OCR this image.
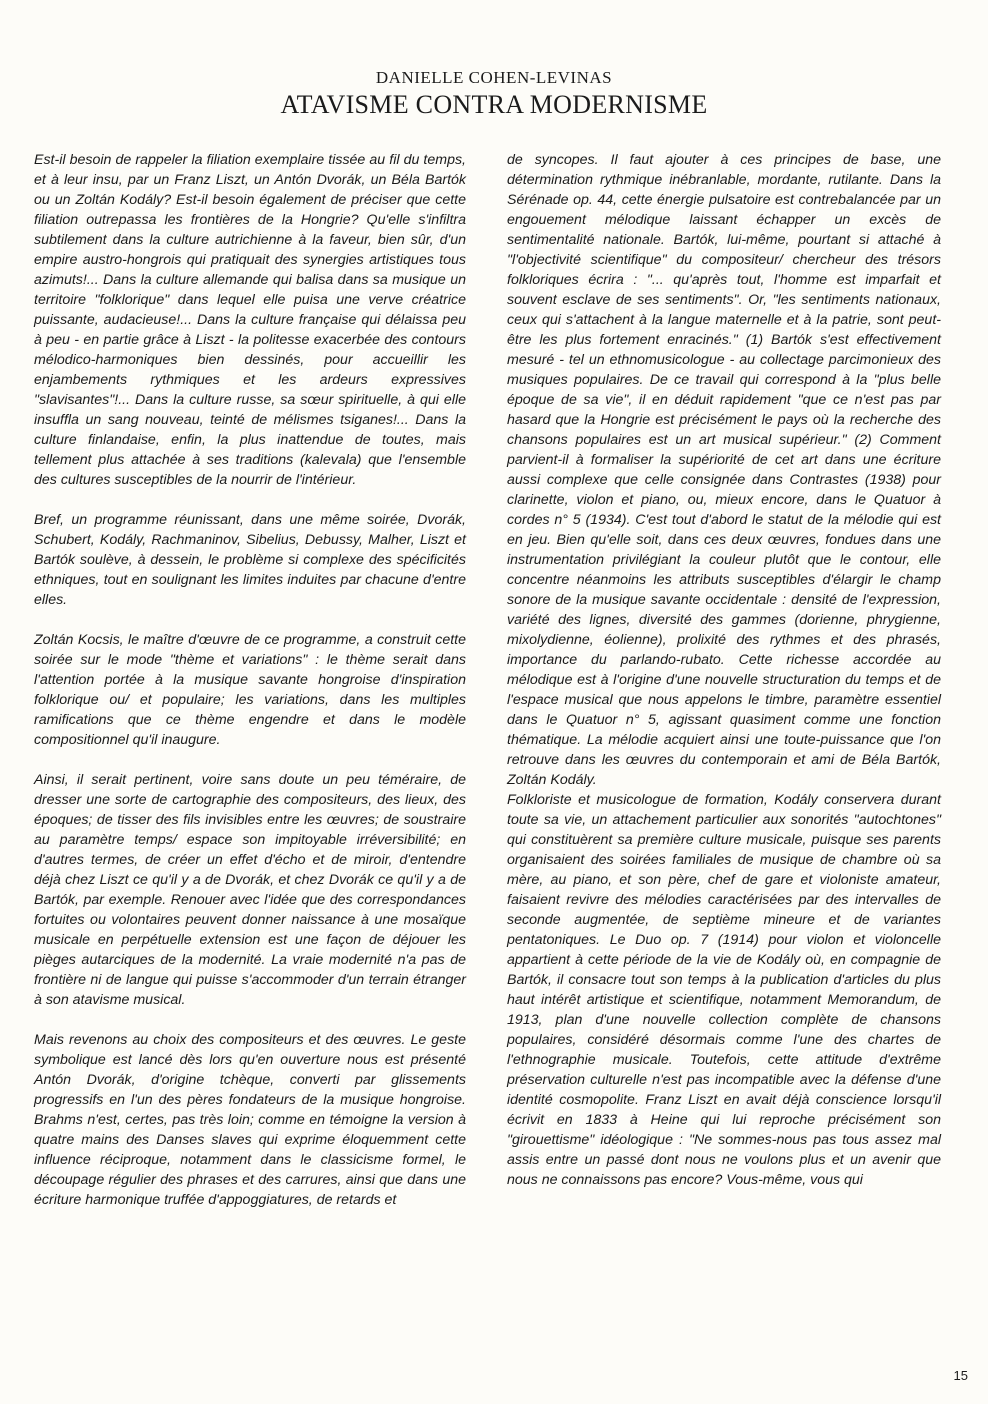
DANIELLE COHEN-LEVINAS
ATAVISME CONTRA MODERNISME

Est-il besoin de rappeler la filiation exemplaire tissée au fil du temps, et à leur insu, par un Franz Liszt, un Antón Dvorák, un Béla Bartók ou un Zoltán Kodály? Est-il besoin également de préciser que cette filiation outrepassa les frontières de la Hongrie? Qu'elle s'infiltra subtilement dans la culture autrichienne à la faveur, bien sûr, d'un empire austro-hongrois qui pratiquait des synergies artistiques tous azimuts!... Dans la culture allemande qui balisa dans sa musique un territoire "folklorique" dans lequel elle puisa une verve créatrice puissante, audacieuse!... Dans la culture française qui délaissa peu à peu - en partie grâce à Liszt - la politesse exacerbée des contours mélodico-harmoniques bien dessinés, pour accueillir les enjambements rythmiques et les ardeurs expressives "slavisantes"!... Dans la culture russe, sa sœur spirituelle, à qui elle insuffla un sang nouveau, teinté de mélismes tsiganes!... Dans la culture finlandaise, enfin, la plus inattendue de toutes, mais tellement plus attachée à ses traditions (kalevala) que l'ensemble des cultures susceptibles de la nourrir de l'intérieur.

Bref, un programme réunissant, dans une même soirée, Dvorák, Schubert, Kodály, Rachmaninov, Sibelius, Debussy, Malher, Liszt et Bartók soulève, à dessein, le problème si complexe des spécificités ethniques, tout en soulignant les limites induites par chacune d'entre elles.

Zoltán Kocsis, le maître d'œuvre de ce programme, a construit cette soirée sur le mode "thème et variations" : le thème serait dans l'attention portée à la musique savante hongroise d'inspiration folklorique ou/ et populaire; les variations, dans les multiples ramifications que ce thème engendre et dans le modèle compositionnel qu'il inaugure.

Ainsi, il serait pertinent, voire sans doute un peu téméraire, de dresser une sorte de cartographie des compositeurs, des lieux, des époques; de tisser des fils invisibles entre les œuvres; de soustraire au paramètre temps/ espace son impitoyable irréversibilité; en d'autres termes, de créer un effet d'écho et de miroir, d'entendre déjà chez Liszt ce qu'il y a de Dvorák, et chez Dvorák ce qu'il y a de Bartók, par exemple. Renouer avec l'idée que des correspondances fortuites ou volontaires peuvent donner naissance à une mosaïque musicale en perpétuelle extension est une façon de déjouer les pièges autarciques de la modernité. La vraie modernité n'a pas de frontière ni de langue qui puisse s'accommoder d'un terrain étranger à son atavisme musical.

Mais revenons au choix des compositeurs et des œuvres. Le geste symbolique est lancé dès lors qu'en ouverture nous est présenté Antón Dvorák, d'origine tchèque, converti par glissements progressifs en l'un des pères fondateurs de la musique hongroise. Brahms n'est, certes, pas très loin; comme en témoigne la version à quatre mains des Danses slaves qui exprime éloquemment cette influence réciproque, notamment dans le classicisme formel, le découpage régulier des phrases et des carrures, ainsi que dans une écriture harmonique truffée d'appoggiatures, de retards et

de syncopes. Il faut ajouter à ces principes de base, une détermination rythmique inébranlable, mordante, rutilante. Dans la Sérénade op. 44, cette énergie pulsatoire est contrebalancée par un engouement mélodique laissant échapper un excès de sentimentalité nationale. Bartók, lui-même, pourtant si attaché à "l'objectivité scientifique" du compositeur/ chercheur des trésors folkloriques écrira : "... qu'après tout, l'homme est imparfait et souvent esclave de ses sentiments". Or, "les sentiments nationaux, ceux qui s'attachent à la langue maternelle et à la patrie, sont peut-être les plus fortement enracinés." (1) Bartók s'est effectivement mesuré - tel un ethnomusicologue - au collectage parcimonieux des musiques populaires. De ce travail qui correspond à la "plus belle époque de sa vie", il en déduit rapidement "que ce n'est pas par hasard que la Hongrie est précisément le pays où la recherche des chansons populaires est un art musical supérieur." (2) Comment parvient-il à formaliser la supériorité de cet art dans une écriture aussi complexe que celle consignée dans Contrastes (1938) pour clarinette, violon et piano, ou, mieux encore, dans le Quatuor à cordes n° 5 (1934). C'est tout d'abord le statut de la mélodie qui est en jeu. Bien qu'elle soit, dans ces deux œuvres, fondues dans une instrumentation privilégiant la couleur plutôt que le contour, elle concentre néanmoins les attributs susceptibles d'élargir le champ sonore de la musique savante occidentale : densité de l'expression, variété des lignes, diversité des gammes (dorienne, phrygienne, mixolydienne, éolienne), prolixité des rythmes et des phrasés, importance du parlando-rubato. Cette richesse accordée au mélodique est à l'origine d'une nouvelle structuration du temps et de l'espace musical que nous appelons le timbre, paramètre essentiel dans le Quatuor n° 5, agissant quasiment comme une fonction thématique. La mélodie acquiert ainsi une toute-puissance que l'on retrouve dans les œuvres du contemporain et ami de Béla Bartók, Zoltán Kodály.

Folkloriste et musicologue de formation, Kodály conservera durant toute sa vie, un attachement particulier aux sonorités "autochtones" qui constituèrent sa première culture musicale, puisque ses parents organisaient des soirées familiales de musique de chambre où sa mère, au piano, et son père, chef de gare et violoniste amateur, faisaient revivre des mélodies caractérisées par des intervalles de seconde augmentée, de septième mineure et de variantes pentatoniques. Le Duo op. 7 (1914) pour violon et violoncelle appartient à cette période de la vie de Kodály où, en compagnie de Bartók, il consacre tout son temps à la publication d'articles du plus haut intérêt artistique et scientifique, notamment Memorandum, de 1913, plan d'une nouvelle collection complète de chansons populaires, considéré désormais comme l'une des chartes de l'ethnographie musicale. Toutefois, cette attitude d'extrême préservation culturelle n'est pas incompatible avec la défense d'une identité cosmopolite. Franz Liszt en avait déjà conscience lorsqu'il écrivit en 1833 à Heine qui lui reproche précisément son "girouettisme" idéologique : "Ne sommes-nous pas tous assez mal assis entre un passé dont nous ne voulons plus et un avenir que nous ne connaissons pas encore? Vous-même, vous qui

15
